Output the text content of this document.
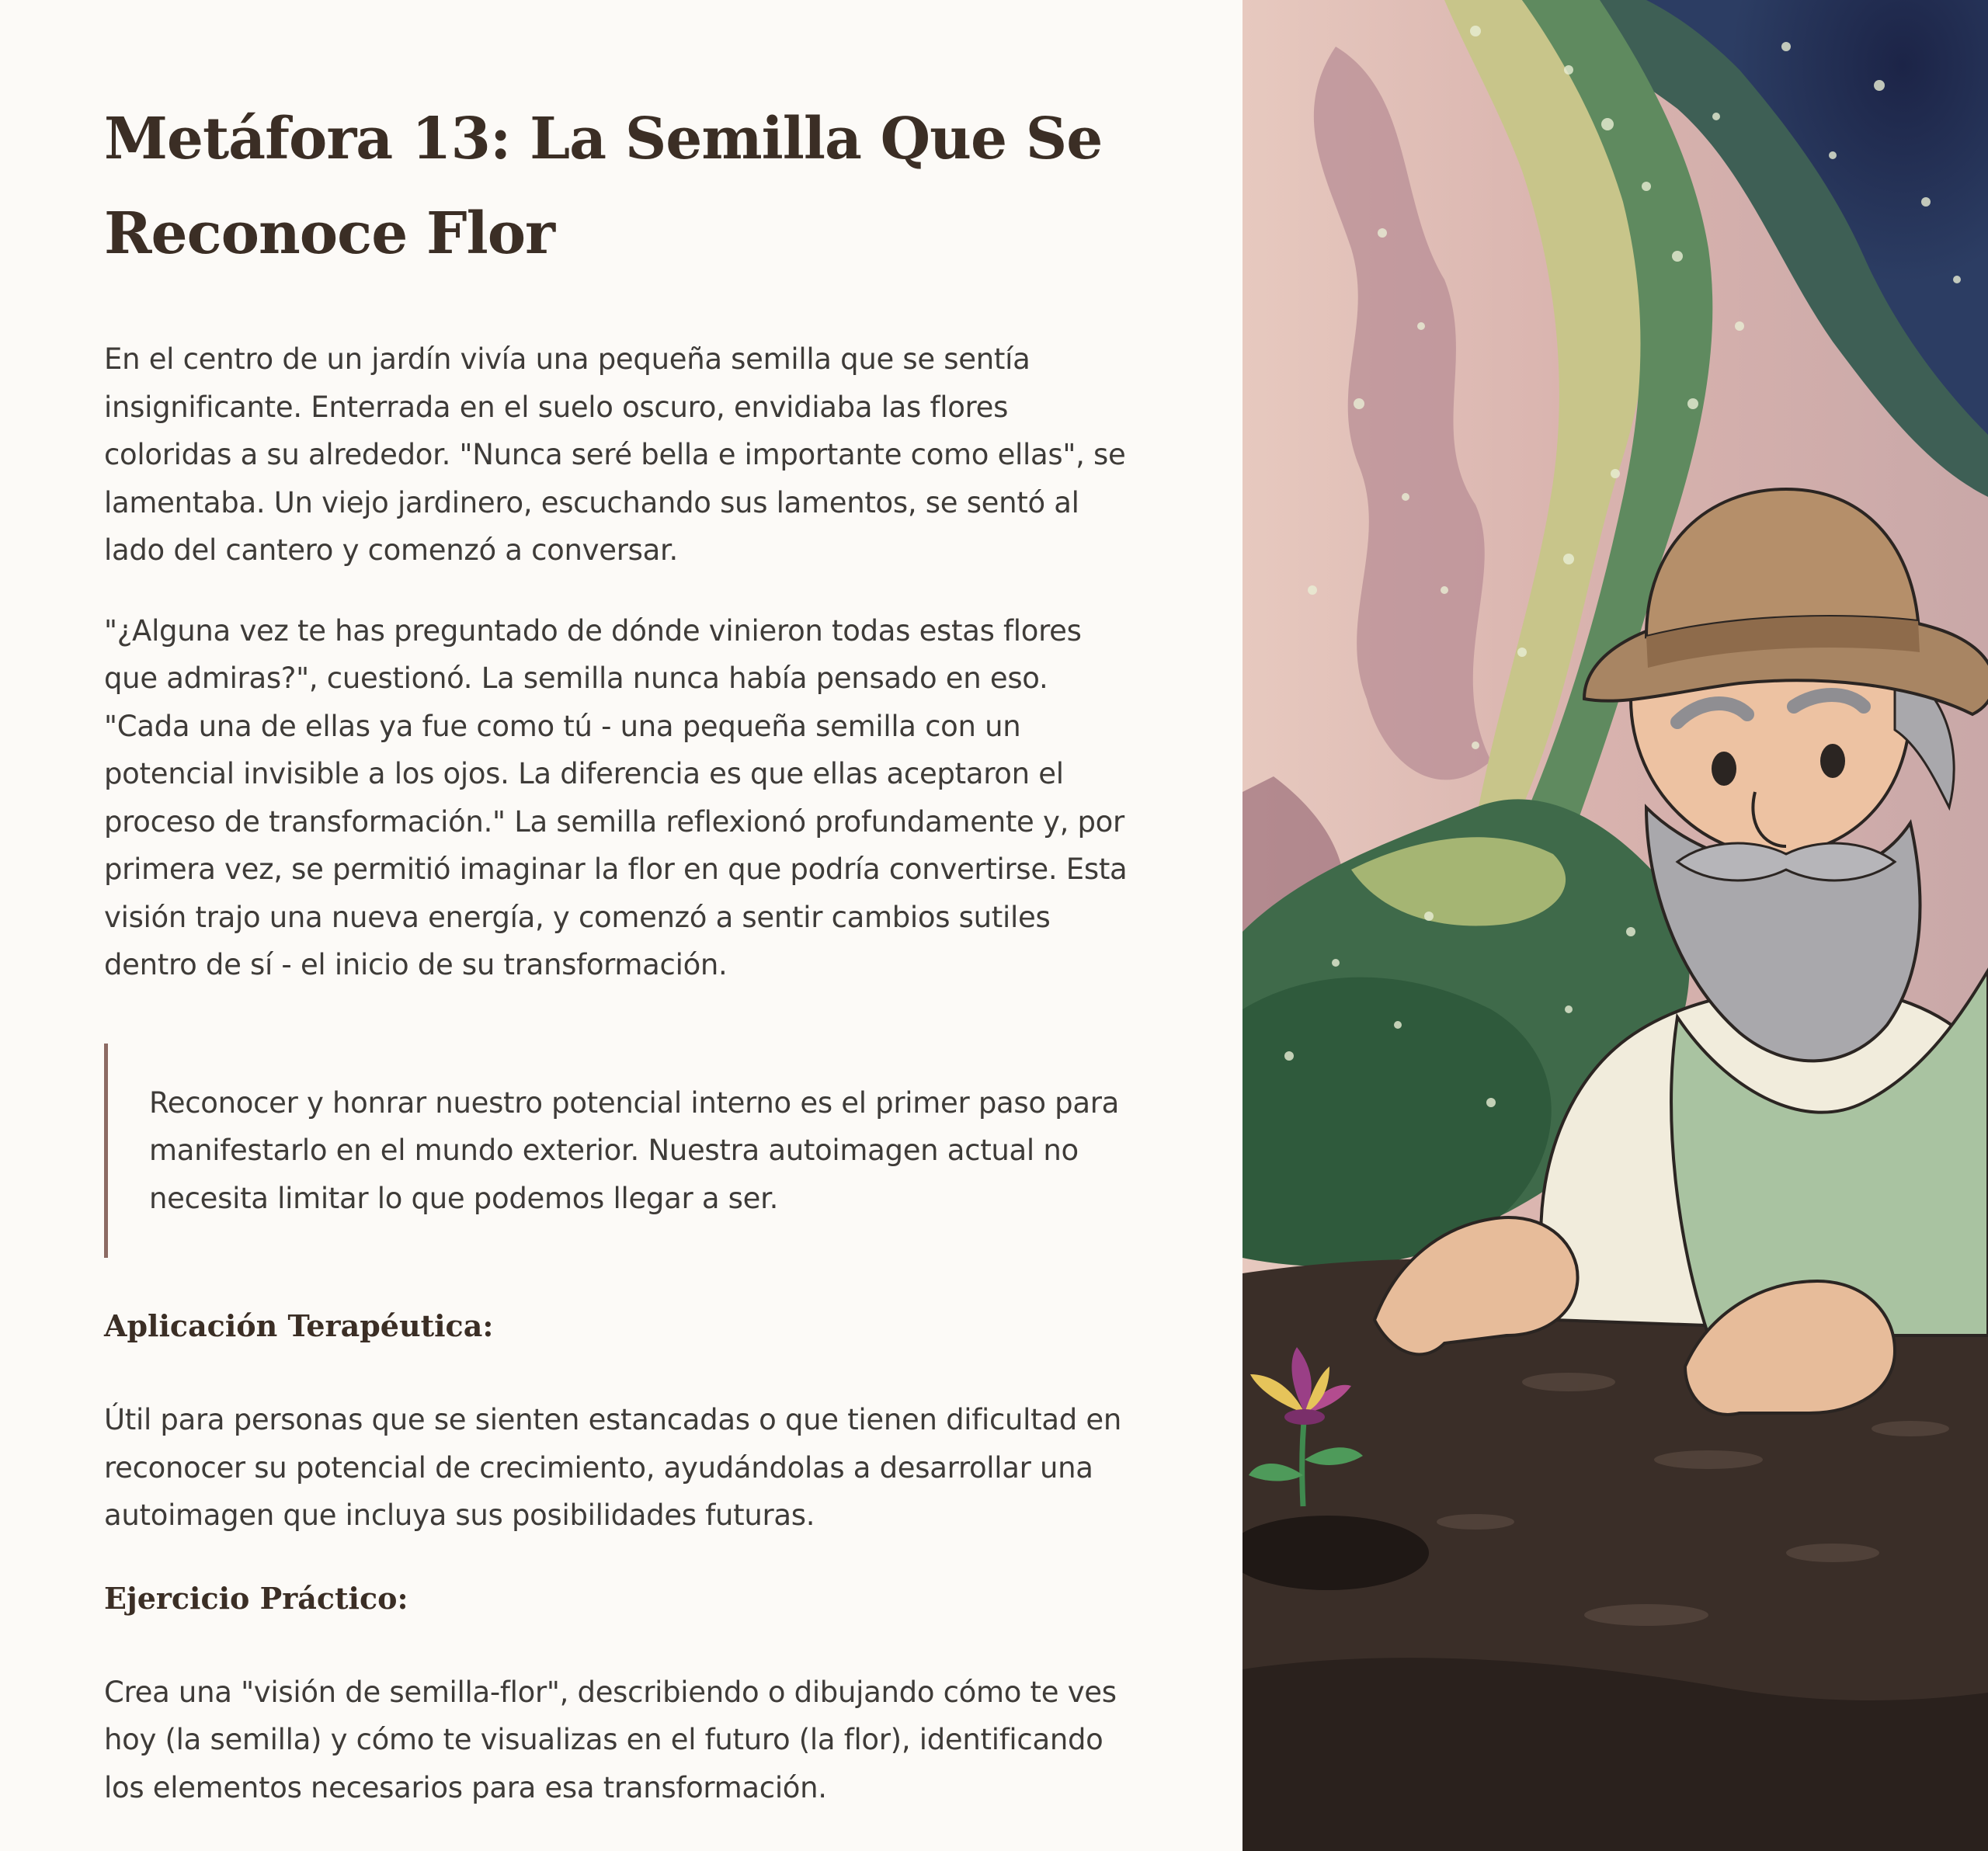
Metáfora 13: La Semilla Que Se Reconoce Flor

En el centro de un jardín vivía una pequeña semilla que se sentía insignificante. Enterrada en el suelo oscuro, envidiaba las flores coloridas a su alrededor. "Nunca seré bella e importante como ellas", se lamentaba. Un viejo jardinero, escuchando sus lamentos, se sentó al lado del cantero y comenzó a conversar.

"¿Alguna vez te has preguntado de dónde vinieron todas estas flores que admiras?", cuestionó. La semilla nunca había pensado en eso. "Cada una de ellas ya fue como tú - una pequeña semilla con un potencial invisible a los ojos. La diferencia es que ellas aceptaron el proceso de transformación." La semilla reflexionó profundamente y, por primera vez, se permitió imaginar la flor en que podría convertirse. Esta visión trajo una nueva energía, y comenzó a sentir cambios sutiles dentro de sí - el inicio de su transformación.

Reconocer y honrar nuestro potencial interno es el primer paso para manifestarlo en el mundo exterior. Nuestra autoimagen actual no necesita limitar lo que podemos llegar a ser.
Aplicación Terapéutica:

Útil para personas que se sienten estancadas o que tienen dificultad en reconocer su potencial de crecimiento, ayudándolas a desarrollar una autoimagen que incluya sus posibilidades futuras.

Ejercicio Práctico:

Crea una "visión de semilla-flor", describiendo o dibujando cómo te ves hoy (la semilla) y cómo te visualizas en el futuro (la flor), identificando los elementos necesarios para esa transformación.
